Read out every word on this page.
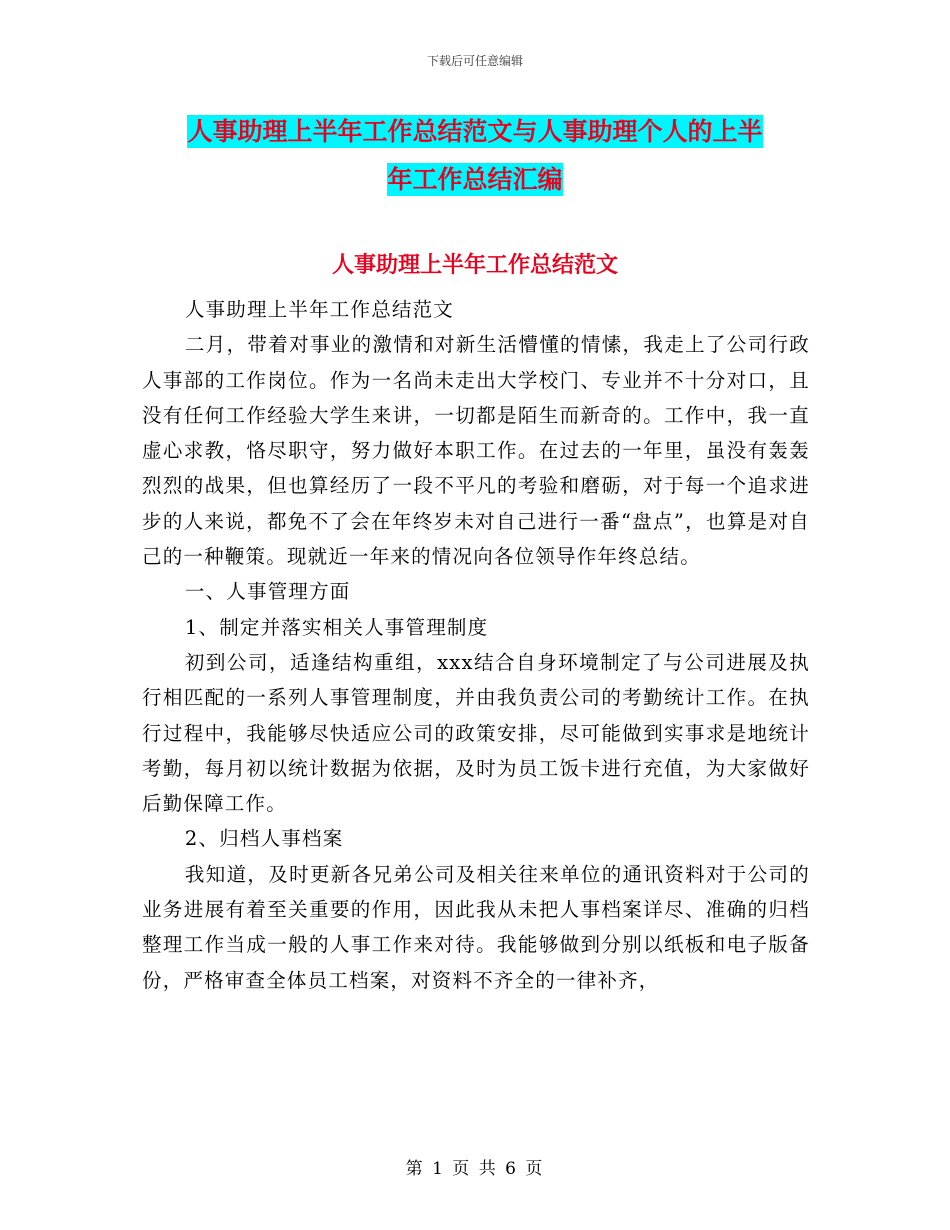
下载后可任意编辑
人事助理上半年工作总结范文与人事助理个人的上半
年工作总结汇编
人事助理上半年工作总结范文

人事助理上半年工作总结范文

二月，带着对事业的激情和对新生活懵懂的情愫，我走上了公司行政人事部的工作岗位。作为一名尚未走出大学校门、专业并不十分对口，且没有任何工作经验大学生来讲，一切都是陌生而新奇的。工作中，我一直虚心求教，恪尽职守，努力做好本职工作。在过去的一年里，虽没有轰轰烈烈的战果，但也算经历了一段不平凡的考验和磨砺，对于每一个追求进步的人来说，都免不了会在年终岁未对自己进行一番“盘点”，也算是对自己的一种鞭策。现就近一年来的情况向各位领导作年终总结。

一、人事管理方面

1、制定并落实相关人事管理制度

初到公司，适逢结构重组，xxx结合自身环境制定了与公司进展及执行相匹配的一系列人事管理制度，并由我负责公司的考勤统计工作。在执行过程中，我能够尽快适应公司的政策安排，尽可能做到实事求是地统计考勤，每月初以统计数据为依据，及时为员工饭卡进行充值，为大家做好后勤保障工作。

2、归档人事档案

我知道，及时更新各兄弟公司及相关往来单位的通讯资料对于公司的业务进展有着至关重要的作用，因此我从未把人事档案详尽、准确的归档整理工作当成一般的人事工作来对待。我能够做到分别以纸板和电子版备份，严格审查全体员工档案，对资料不齐全的一律补齐，

第 1 页 共 6 页
